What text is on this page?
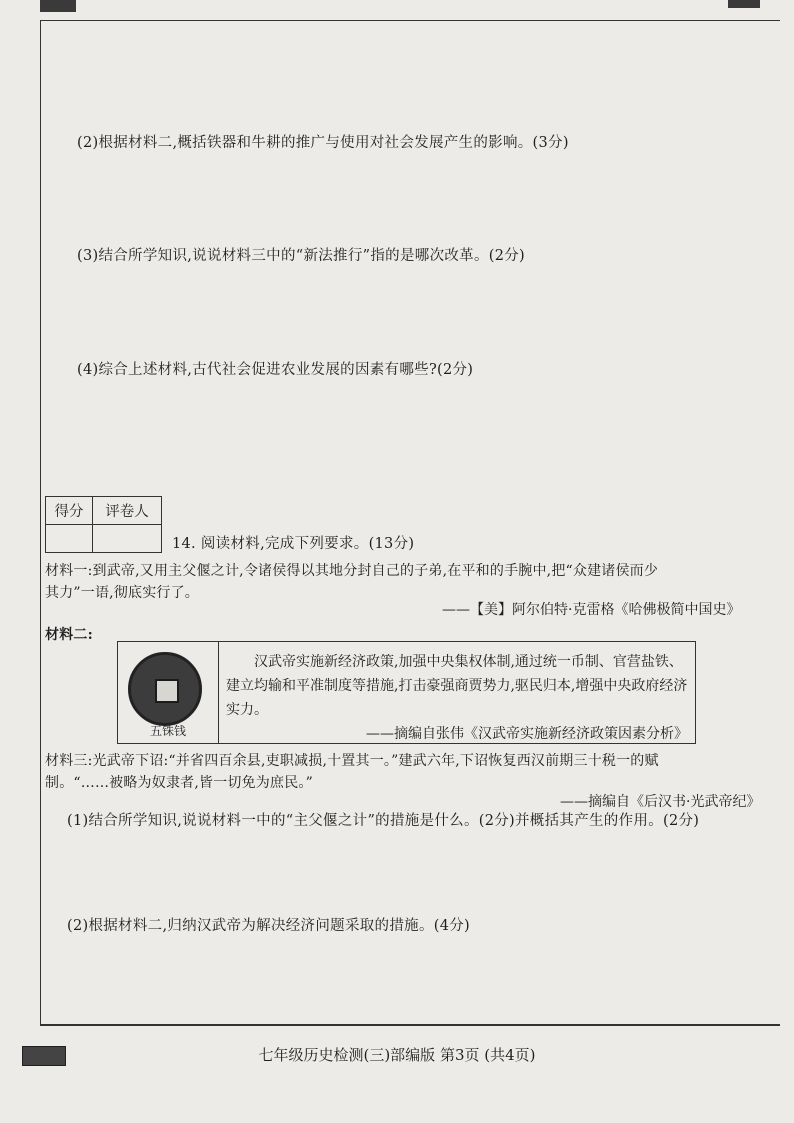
(2)根据材料二,概括铁器和牛耕的推广与使用对社会发展产生的影响。(3分)
(3)结合所学知识,说说材料三中的“新法推行”指的是哪次改革。(2分)
(4)综合上述材料,古代社会促进农业发展的因素有哪些?(2分)
得分	评卷人

14. 阅读材料,完成下列要求。(13分)
材料一:到武帝,又用主父偃之计,令诸侯得以其地分封自己的子弟,在平和的手腕中,把“众建诸侯而少
其力”一语,彻底实行了。
——【美】阿尔伯特·克雷格《哈佛极简中国史》
材料二:
五铢钱
汉武帝实施新经济政策,加强中央集权体制,通过统一币制、官营盐铁、建立均输和平准制度等措施,打击豪强商贾势力,驱民归本,增强中央政府经济实力。
——摘编自张伟《汉武帝实施新经济政策因素分析》
材料三:光武帝下诏:“并省四百余县,吏职减损,十置其一。”建武六年,下诏恢复西汉前期三十税一的赋
制。“……被略为奴隶者,皆一切免为庶民。”
——摘编自《后汉书·光武帝纪》
(1)结合所学知识,说说材料一中的“主父偃之计”的措施是什么。(2分)并概括其产生的作用。(2分)
(2)根据材料二,归纳汉武帝为解决经济问题采取的措施。(4分)
七年级历史检测(三)部编版 第3页 (共4页)
